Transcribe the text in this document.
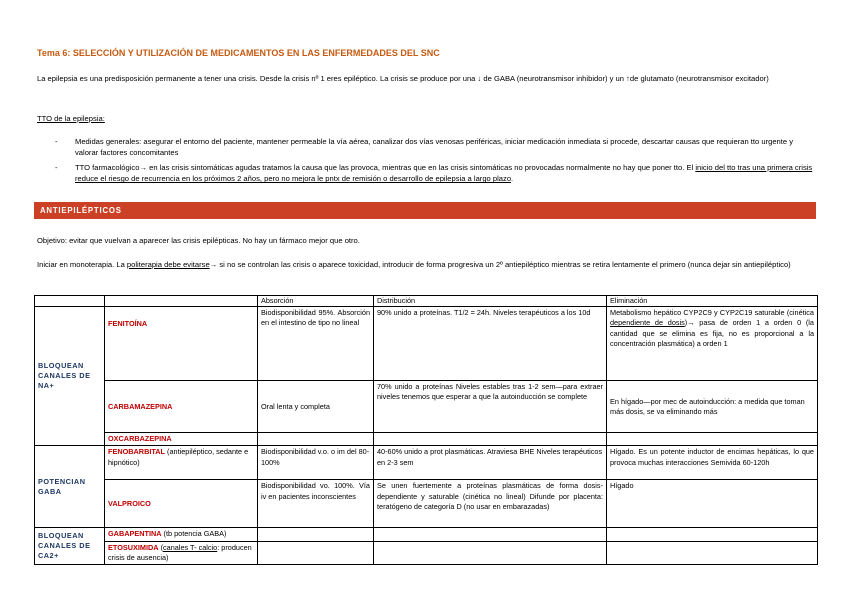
Tema 6: SELECCIÓN Y UTILIZACIÓN DE MEDICAMENTOS EN LAS ENFERMEDADES DEL SNC
La epilepsia es una predisposición permanente a tener una crisis. Desde la crisis nº 1 eres epiléptico. La crisis se produce por una ↓ de GABA (neurotransmisor inhibidor) y un ↑de glutamato (neurotransmisor excitador)
TTO de la epilepsia:
- Medidas generales: asegurar el entorno del paciente, mantener permeable la vía aérea, canalizar dos vías venosas periféricas, iniciar medicación inmediata si procede, descartar causas que requieran tto urgente y valorar factores concomitantes
- TTO farmacológico→ en las crisis sintomáticas agudas tratamos la causa que las provoca, mientras que en las crisis sintomáticas no provocadas normalmente no hay que poner tto. El inicio del tto tras una primera crisis reduce el riesgo de recurrencia en los próximos 2 años, pero no mejora le pntx de remisión o desarrollo de epilepsia a largo plazo.
ANTIEPILÉPTICOS
Objetivo: evitar que vuelvan a aparecer las crisis epilépticas. No hay un fármaco mejor que otro.
Iniciar en monoterapia. La politerapia debe evitarse→ si no se controlan las crisis o aparece toxicidad, introducir de forma progresiva un 2º antiepiléptico mientras se retira lentamente el primero (nunca dejar sin antiepiléptico)
		Absorción	Distribución	Eliminación
BLOQUEAN CANALES DE NA+	FENITOÍNA	Biodisponibilidad 95%. Absorción en el intestino de tipo no lineal	90% unido a proteínas. T1/2 = 24h. Niveles terapéuticos a los 10d	Metabolismo hepático CYP2C9 y CYP2C19 saturable (cinética dependiente de dosis)→ pasa de orden 1 a orden 0 (la cantidad que se elimina es fija, no es proporcional a la concentración plasmática) a orden 1
	CARBAMAZEPINA	Oral lenta y completa	70% unido a proteínas Niveles estables tras 1-2 sem—para extraer niveles tenemos que esperar a que la autoinducción se complete	En hígado—por mec de autoinducción: a medida que toman más dosis, se va eliminando más
	OXCARBAZEPINA			
POTENCIAN GABA	FENOBARBITAL (antiepiléptico, sedante e hipnótico)	Biodisponibilidad v.o. o im del 80-100%	40-60% unido a prot plasmáticas. Atraviesa BHE Niveles terapéuticos en 2-3 sem	Hígado. Es un potente inductor de encimas hepáticas, lo que provoca muchas interacciones Semivida 60-120h
	VALPROICO	Biodisponibilidad vo. 100%. Vía iv en pacientes inconscientes	Se unen fuertemente a proteínas plasmáticas de forma dosis- dependiente y saturable (cinética no lineal) Difunde por placenta: teratógeno de categoría D (no usar en embarazadas)	Hígado
BLOQUEAN CANALES DE CA2+	GABAPENTINA (tb potencia GABA)			
	ETOSUXIMIDA (canales T- calcio: producen crisis de ausencia)			
